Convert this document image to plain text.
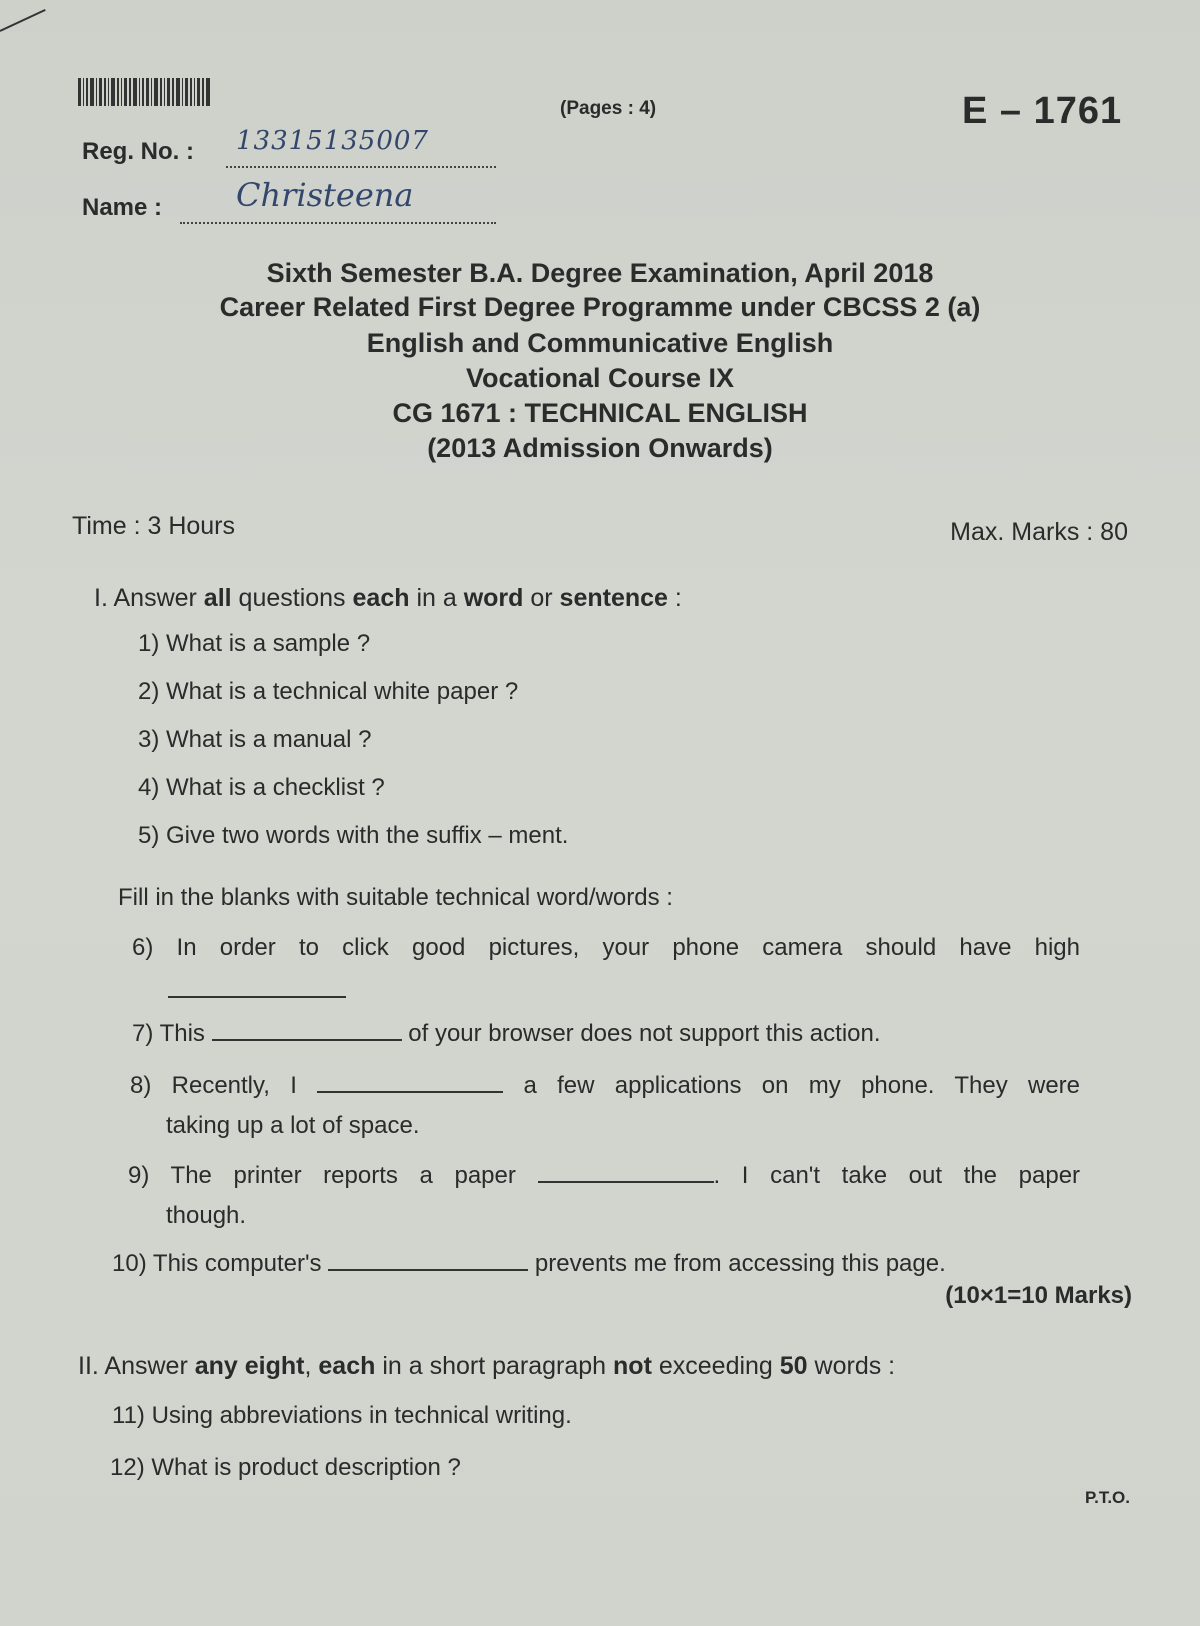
(Pages : 4)	E – 1761
Reg. No. : 13315135007
Name : Christeena
Sixth Semester B.A. Degree Examination, April 2018
Career Related First Degree Programme under CBCSS 2 (a)
English and Communicative English
Vocational Course IX
CG 1671 : TECHNICAL ENGLISH
(2013 Admission Onwards)
Time : 3 Hours	Max. Marks : 80
I. Answer all questions each in a word or sentence :
1) What is a sample ?
2) What is a technical white paper ?
3) What is a manual ?
4) What is a checklist ?
5) Give two words with the suffix – ment.
Fill in the blanks with suitable technical word/words :
6) In order to click good pictures, your phone camera should have high
7) This	of your browser does not support this action.
8) Recently, I	a few applications on my phone. They were
taking up a lot of space.
9) The printer reports a paper	. I can't take out the paper
though.
10) This computer's	prevents me from accessing this page.
(10×1=10 Marks)
II. Answer any eight, each in a short paragraph not exceeding 50 words :
11) Using abbreviations in technical writing.
12) What is product description ?
P.T.O.
